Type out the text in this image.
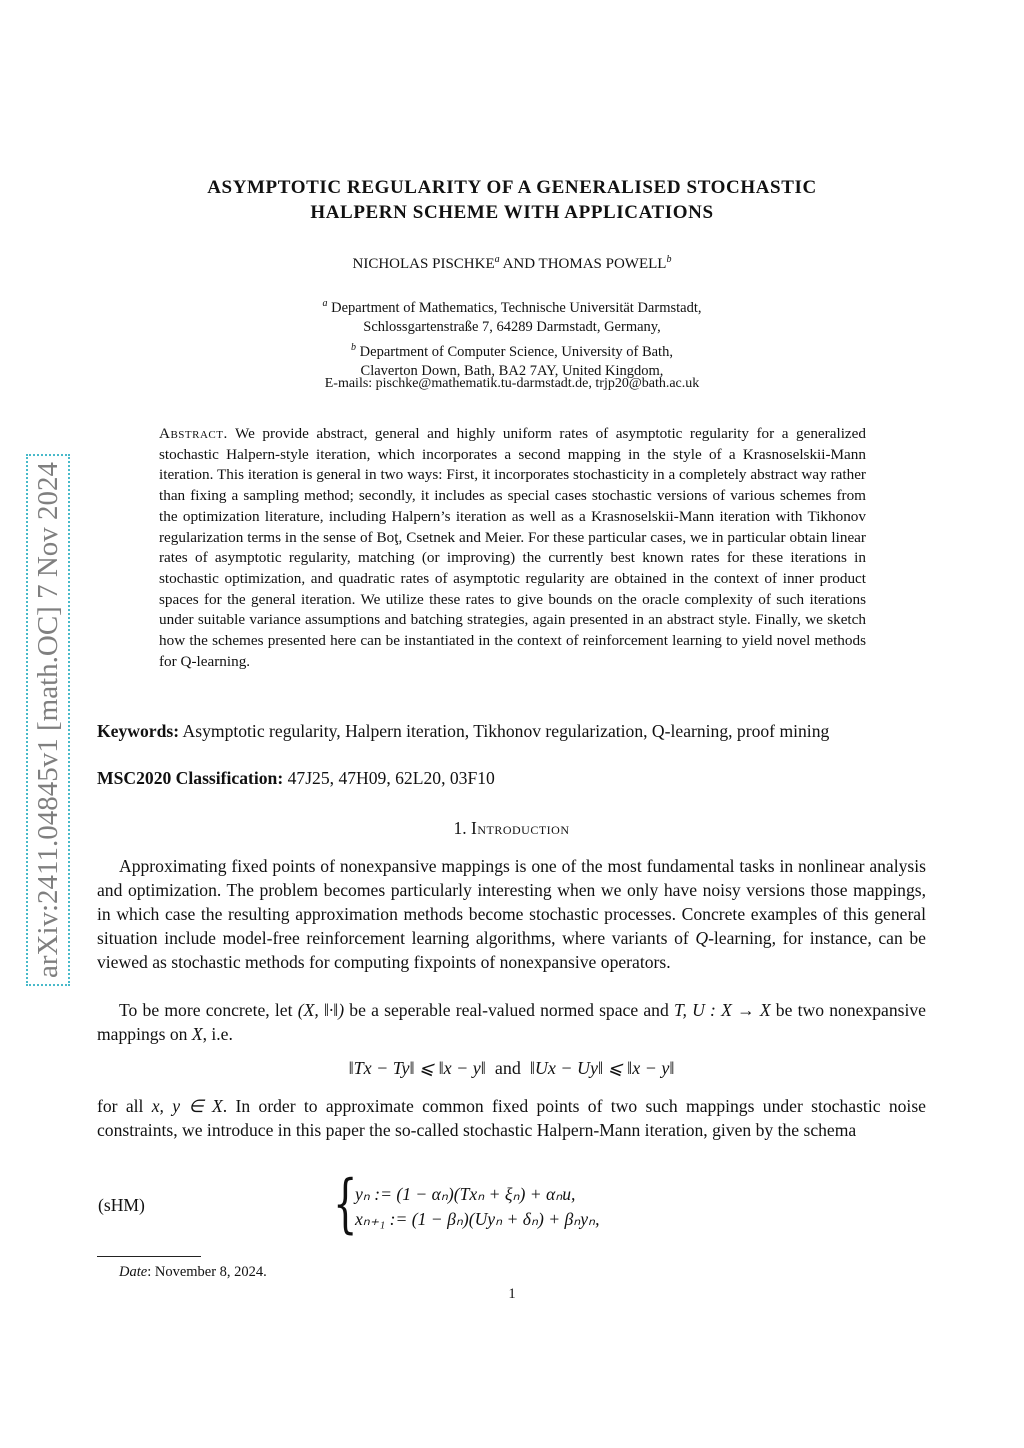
arXiv:2411.04845v1 [math.OC] 7 Nov 2024
ASYMPTOTIC REGULARITY OF A GENERALISED STOCHASTIC
HALPERN SCHEME WITH APPLICATIONS
NICHOLAS PISCHKE$^a$ AND THOMAS POWELL$^b$
$^a$ Department of Mathematics, Technische Universität Darmstadt,
Schlossgartenstraße 7, 64289 Darmstadt, Germany,
$^b$ Department of Computer Science, University of Bath,
Claverton Down, Bath, BA2 7AY, United Kingdom,
E-mails: pischke@mathematik.tu-darmstadt.de, trjp20@bath.ac.uk
Abstract. We provide abstract, general and highly uniform rates of asymptotic regularity for a generalized stochastic Halpern-style iteration, which incorporates a second mapping in the style of a Krasnoselskii-Mann iteration. This iteration is general in two ways: First, it incorporates stochasticity in a completely abstract way rather than fixing a sampling method; secondly, it includes as special cases stochastic versions of various schemes from the optimization literature, including Halpern’s iteration as well as a Krasnoselskii-Mann iteration with Tikhonov regularization terms in the sense of Boţ, Csetnek and Meier. For these particular cases, we in particular obtain linear rates of asymptotic regularity, matching (or improving) the currently best known rates for these iterations in stochastic optimization, and quadratic rates of asymptotic regularity are obtained in the context of inner product spaces for the general iteration. We utilize these rates to give bounds on the oracle complexity of such iterations under suitable variance assumptions and batching strategies, again presented in an abstract style. Finally, we sketch how the schemes presented here can be instantiated in the context of reinforcement learning to yield novel methods for Q-learning.
Keywords: Asymptotic regularity, Halpern iteration, Tikhonov regularization, Q-learning, proof mining
MSC2020 Classification: 47J25, 47H09, 62L20, 03F10
1. Introduction
Approximating fixed points of nonexpansive mappings is one of the most fundamental tasks in nonlinear analysis and optimization. The problem becomes particularly interesting when we only have noisy versions those mappings, in which case the resulting approximation methods become stochastic processes. Concrete examples of this general situation include model-free reinforcement learning algorithms, where variants of Q-learning, for instance, can be viewed as stochastic methods for computing fixpoints of nonexpansive operators.
To be more concrete, let (X, ‖·‖) be a seperable real-valued normed space and T, U : X → X be two nonexpansive mappings on X, i.e.
‖Tx − Ty‖ ⩽ ‖x − y‖ and ‖Ux − Uy‖ ⩽ ‖x − y‖
for all x, y ∈ X. In order to approximate common fixed points of two such mappings under stochastic noise constraints, we introduce in this paper the so-called stochastic Halpern-Mann iteration, given by the schema
(sHM)	{
yₙ := (1 − αₙ)(Txₙ + ξₙ) + αₙu,
xₙ₊₁ := (1 − βₙ)(Uyₙ + δₙ) + βₙyₙ,
Date: November 8, 2024.
1
